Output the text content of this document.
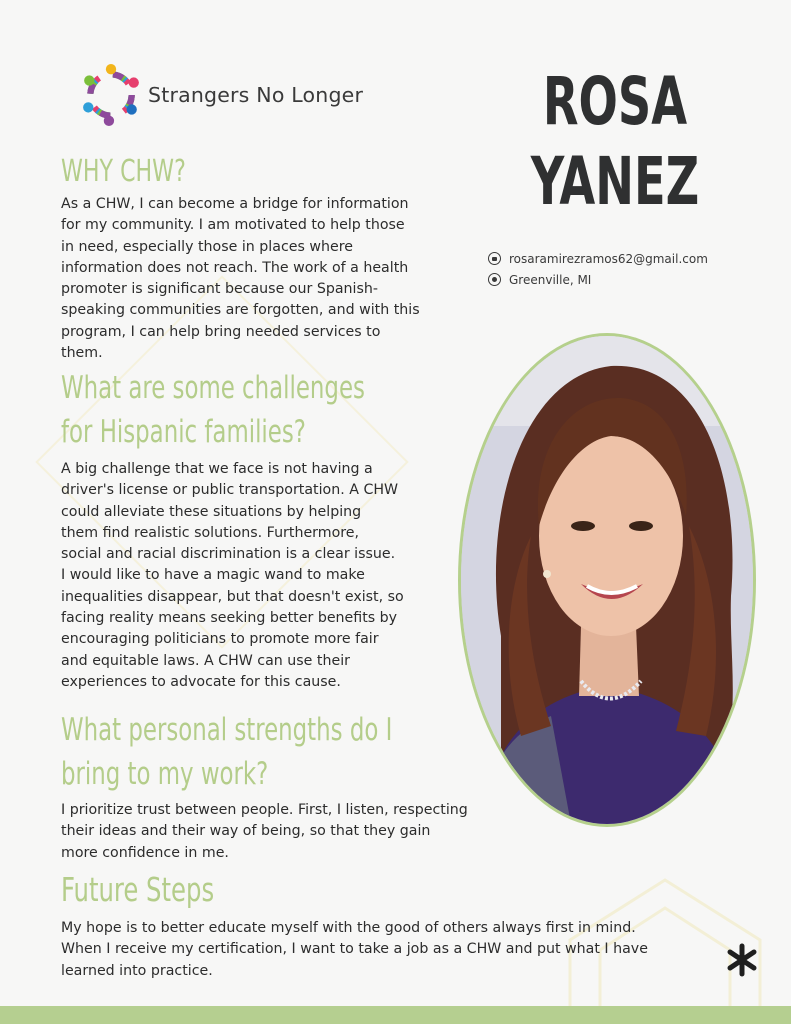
Strangers No Longer	ROSA
YANEZ
rosaramirezramos62@gmail.com
Greenville, MI
WHY CHW?

As a CHW, I can become a bridge for information
for my community. I am motivated to help those
in need, especially those in places where
information does not reach. The work of a health
promoter is significant because our Spanish-
speaking communities are forgotten, and with this
program, I can help bring needed services to
them.

What are some challenges
for Hispanic families?

A big challenge that we face is not having a
driver's license or public transportation. A CHW
could alleviate these situations by helping
them find realistic solutions. Furthermore,
social and racial discrimination is a clear issue.
I would like to have a magic wand to make
inequalities disappear, but that doesn't exist, so
facing reality means seeking better benefits by
encouraging politicians to promote more fair
and equitable laws. A CHW can use their
experiences to advocate for this cause.

What personal strengths do I
bring to my work?

I prioritize trust between people. First, I listen, respecting
their ideas and their way of being, so that they gain
more confidence in me.

Future Steps

My hope is to better educate myself with the good of others always first in mind.
When I receive my certification, I want to take a job as a CHW and put what I have
learned into practice.
